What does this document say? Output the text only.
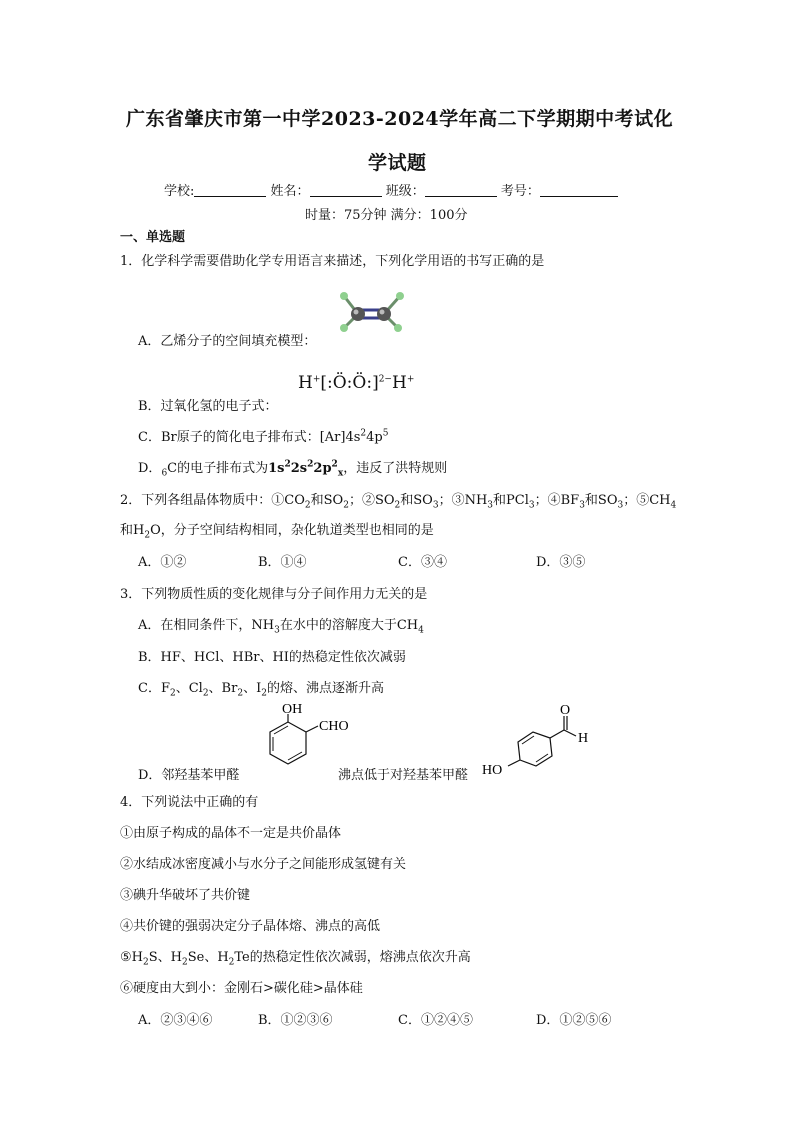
广东省肇庆市第一中学2023-2024学年高二下学期期中考试化
学试题
学校:	姓名：	班级：	考号：
时量：75分钟 满分：100分
一、单选题
1．化学科学需要借助化学专用语言来描述，下列化学用语的书写正确的是
A．乙烯分子的空间填充模型：
H+[:Ö:Ö:]$^{2-}$H+
B．过氧化氢的电子式：
C．Br原子的简化电子排布式：$[Ar]4s^24p^5$
D．$_6$C的电子排布式为$1s^22s^22p^2_x$，违反了洪特规则
2．下列各组晶体物质中：$①CO_2$和$SO_2$；$②SO_2$和$SO_3$；$③NH_3$和PCl$_3$；$④BF_3$和$SO_3$；$⑤CH_4$
和$H_2O$，分子空间结构相同，杂化轨道类型也相同的是
A．①②	B．①④	C．③④	D．③⑤
3．下列物质性质的变化规律与分子间作用力无关的是
A．在相同条件下，$NH_3$在水中的溶解度大于$CH_4$
B．HF、HCl、HBr、HI的热稳定性依次减弱
C．$F_2$、$Cl_2$、$Br_2$、$I_2$的熔、沸点逐渐升高
OH
CHO
O
H
HO
D．邻羟基苯甲醛	沸点低于对羟基苯甲醛
4．下列说法中正确的有
①由原子构成的晶体不一定是共价晶体
②水结成冰密度减小与水分子之间能形成氢键有关
③碘升华破坏了共价键
④共价键的强弱决定分子晶体熔、沸点的高低
$⑤H_2S$、$H_2Se$、$H_2Te$的热稳定性依次减弱，熔沸点依次升高
⑥硬度由大到小：金刚石>碳化硅>晶体硅
A．②③④⑥	B．①②③⑥	C．①②④⑤	D．①②⑤⑥
